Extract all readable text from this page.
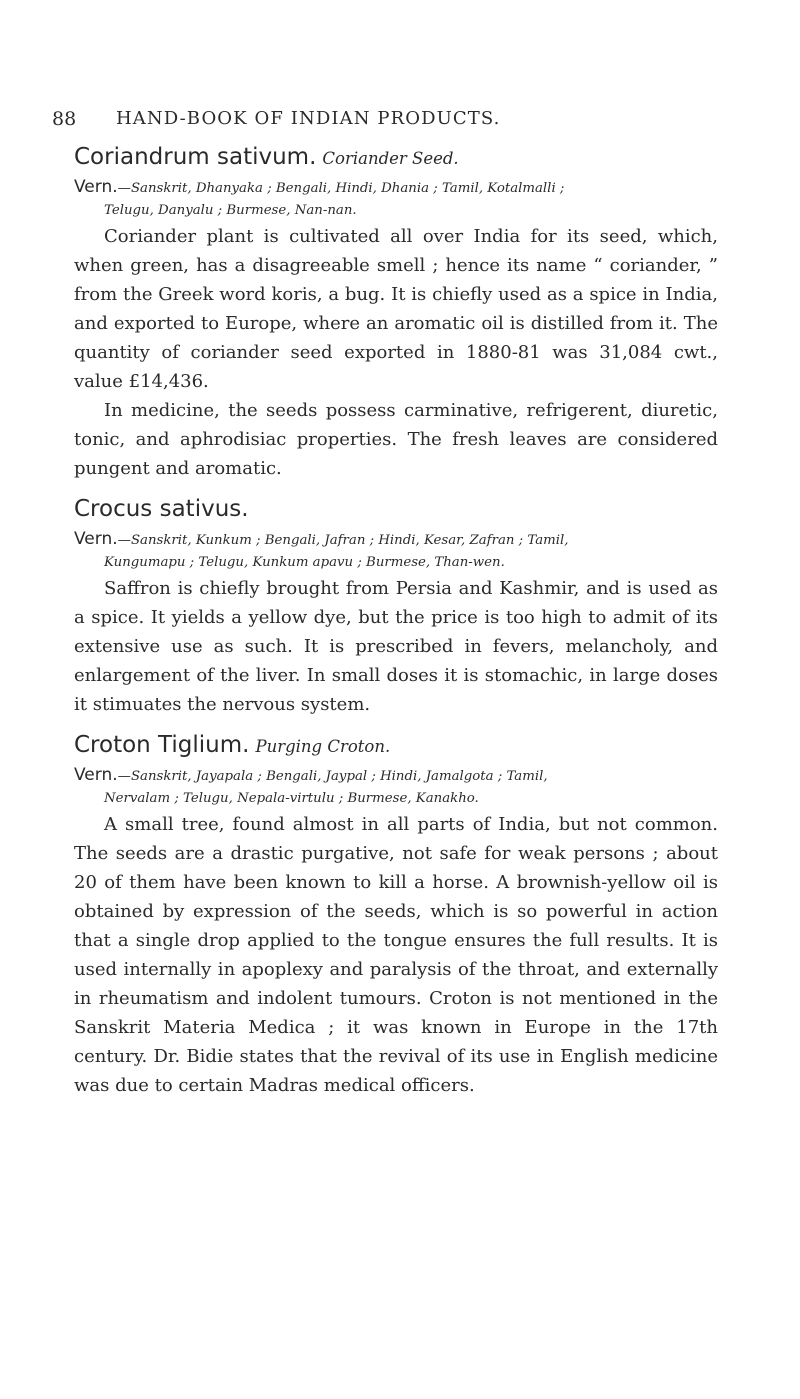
88 HAND-BOOK OF INDIAN PRODUCTS.

Coriandrum sativum. Coriander Seed.

Vern.—Sanskrit, Dhanyaka ; Bengali, Hindi, Dhania ; Tamil, Kotalmalli ;
Telugu, Danyalu ; Burmese, Nan-nan.

Coriander plant is cultivated all over India for its seed, which, when green, has a disagreeable smell ; hence its name “ coriander, ” from the Greek word koris, a bug. It is chiefly used as a spice in India, and exported to Europe, where an aromatic oil is distilled from it. The quantity of coriander seed exported in 1880-81 was 31,084 cwt., value £14,436.

In medicine, the seeds possess carminative, refrigerent, diuretic, tonic, and aphrodisiac properties. The fresh leaves are considered pungent and aromatic.

Crocus sativus.

Vern.—Sanskrit, Kunkum ; Bengali, Jafran ; Hindi, Kesar, Zafran ; Tamil,
Kungumapu ; Telugu, Kunkum apavu ; Burmese, Than-wen.

Saffron is chiefly brought from Persia and Kashmir, and is used as a spice. It yields a yellow dye, but the price is too high to admit of its extensive use as such. It is prescribed in fevers, melancholy, and enlargement of the liver. In small doses it is stomachic, in large doses it stimuates the nervous system.

Croton Tiglium. Purging Croton.

Vern.—Sanskrit, Jayapala ; Bengali, Jaypal ; Hindi, Jamalgota ; Tamil,
Nervalam ; Telugu, Nepala-virtulu ; Burmese, Kanakho.

A small tree, found almost in all parts of India, but not common. The seeds are a drastic purgative, not safe for weak persons ; about 20 of them have been known to kill a horse. A brownish-yellow oil is obtained by expression of the seeds, which is so powerful in action that a single drop applied to the tongue ensures the full results. It is used internally in apoplexy and paralysis of the throat, and externally in rheumatism and indolent tumours. Croton is not mentioned in the Sanskrit Materia Medica ; it was known in Europe in the 17th century. Dr. Bidie states that the revival of its use in English medicine was due to certain Madras medical officers.
